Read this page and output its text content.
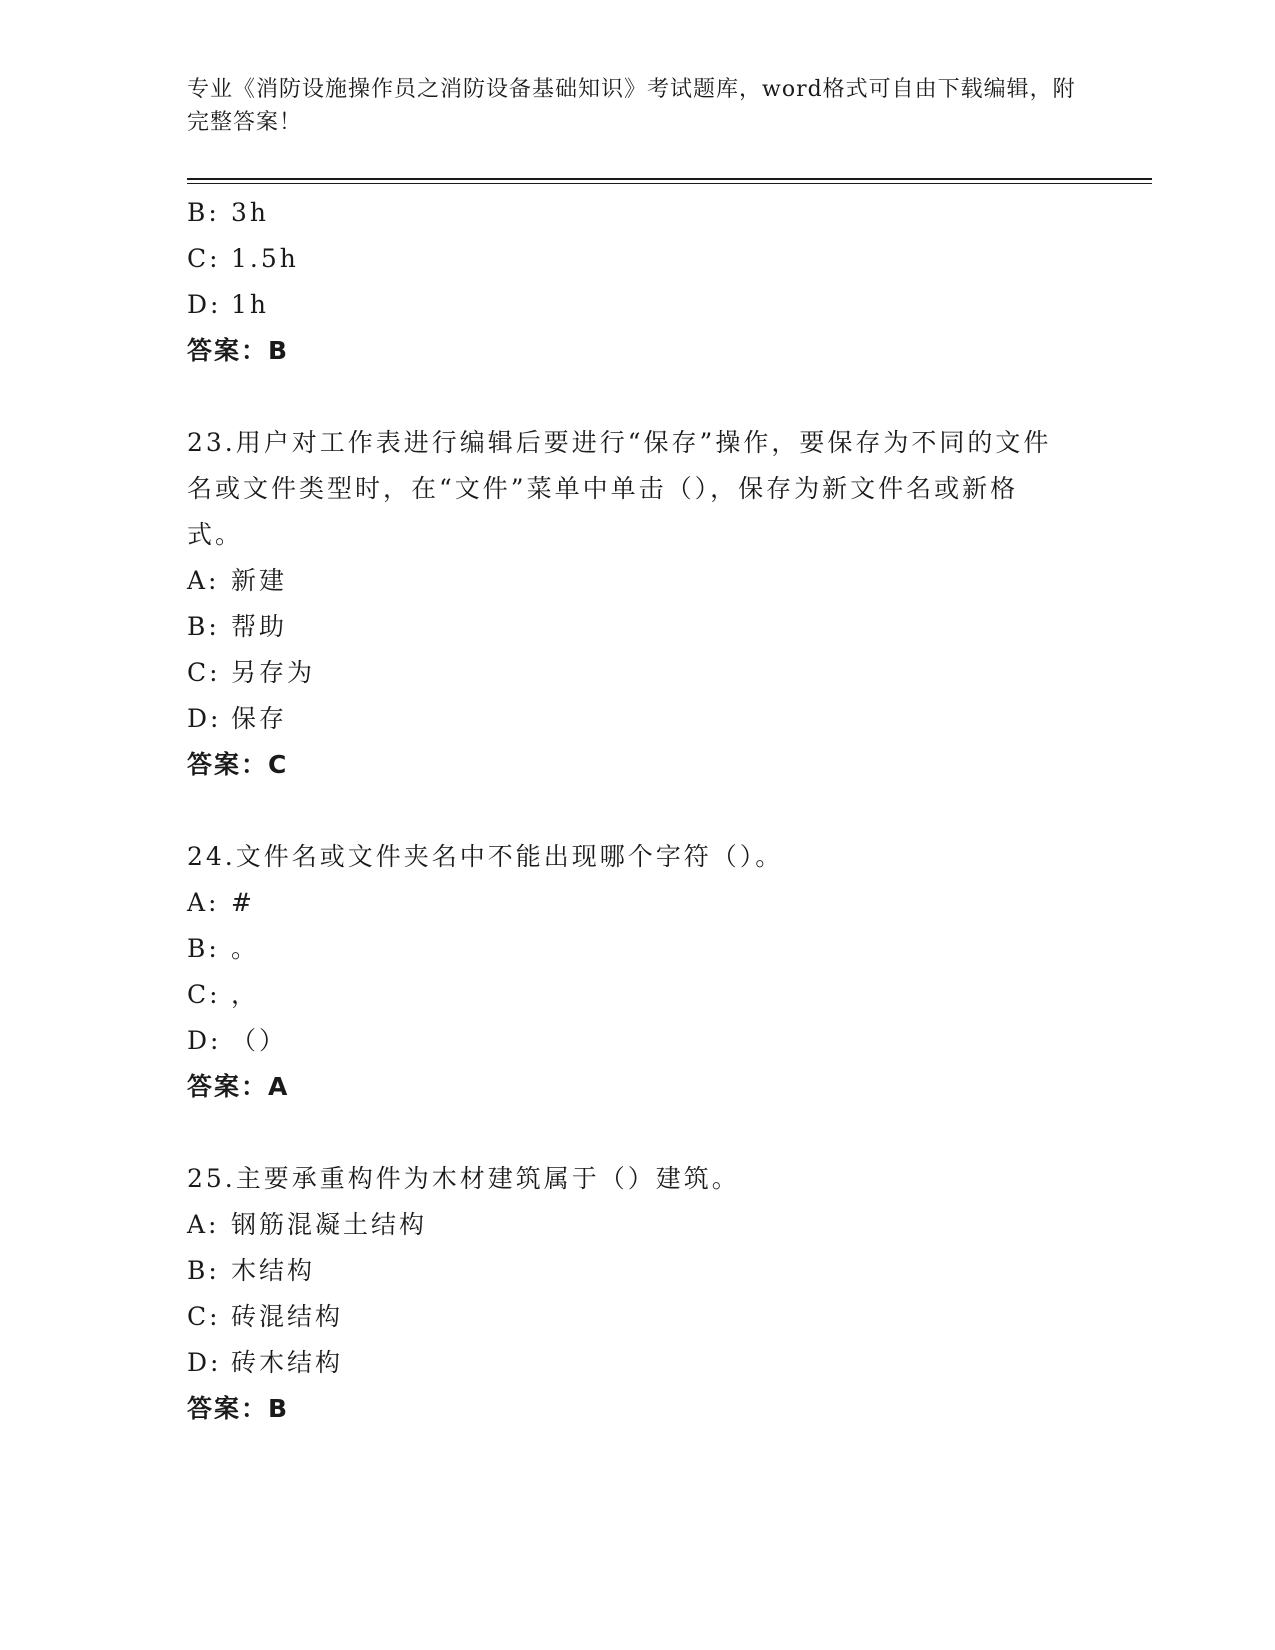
专业《消防设施操作员之消防设备基础知识》考试题库，word格式可自由下载编辑，附完整答案！
B: 3h
C: 1.5h
D: 1h
答案：B
23.用户对工作表进行编辑后要进行“保存”操作，要保存为不同的文件名或文件类型时，在“文件”菜单中单击（），保存为新文件名或新格式。
A: 新建
B: 帮助
C: 另存为
D: 保存
答案：C
24.文件名或文件夹名中不能出现哪个字符（）。
A: #
B: 。
C: ，
D: （）
答案：A
25.主要承重构件为木材建筑属于（）建筑。
A: 钢筋混凝土结构
B: 木结构
C: 砖混结构
D: 砖木结构
答案：B
